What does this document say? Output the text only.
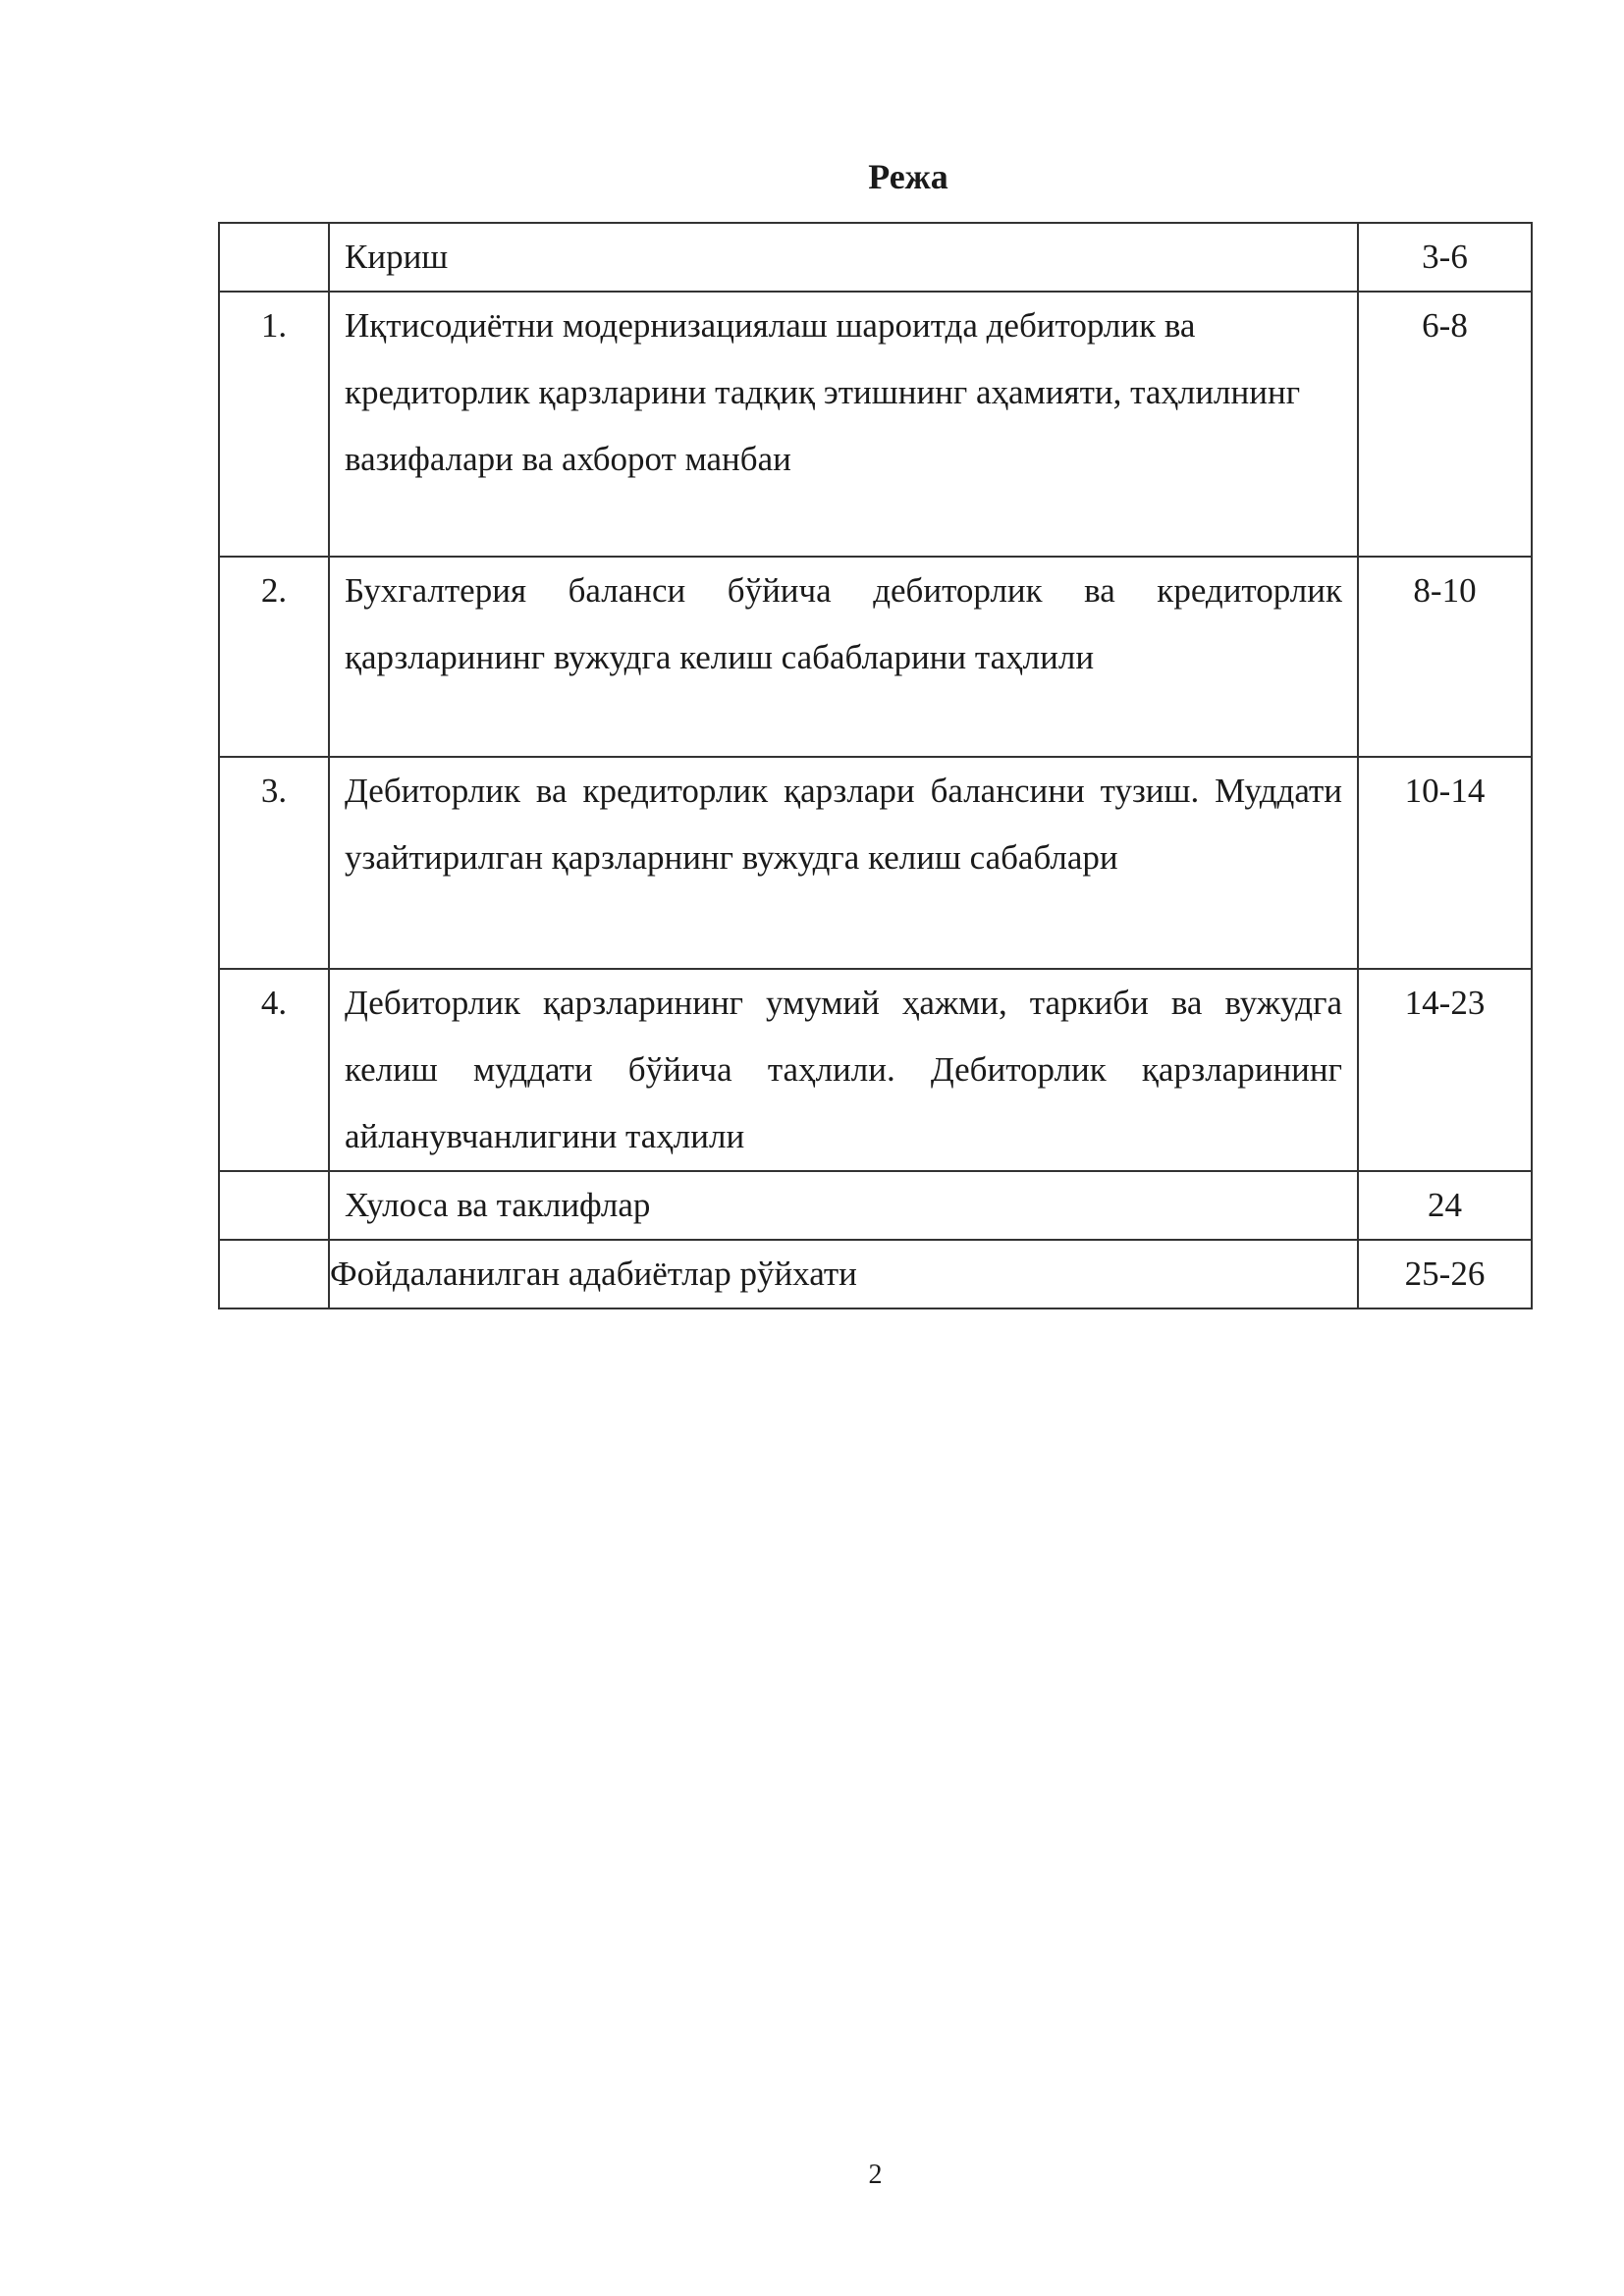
Режа
	Кириш	3-6
1.	Иқтисодиётни модернизациялаш шароитда дебиторлик ва кредиторлик қарзларини тадқиқ этишнинг аҳамияти, таҳлилнинг вазифалари ва ахборот манбаи	6-8
2.	Бухгалтерия баланси бўйича дебиторлик ва кредиторлик қарзларининг вужудга келиш сабабларини таҳлили	8-10
3.	Дебиторлик ва кредиторлик қарзлари балансини тузиш. Муддати узайтирилган қарзларнинг вужудга келиш сабаблари	10-14
4.	Дебиторлик қарзларининг умумий ҳажми, таркиби ва вужудга келиш муддати бўйича таҳлили. Дебиторлик қарзларининг айланувчанлигини таҳлили	14-23
	Хулоса ва таклифлар	24
	Фойдаланилган адабиётлар рўйхати	25-26
2
